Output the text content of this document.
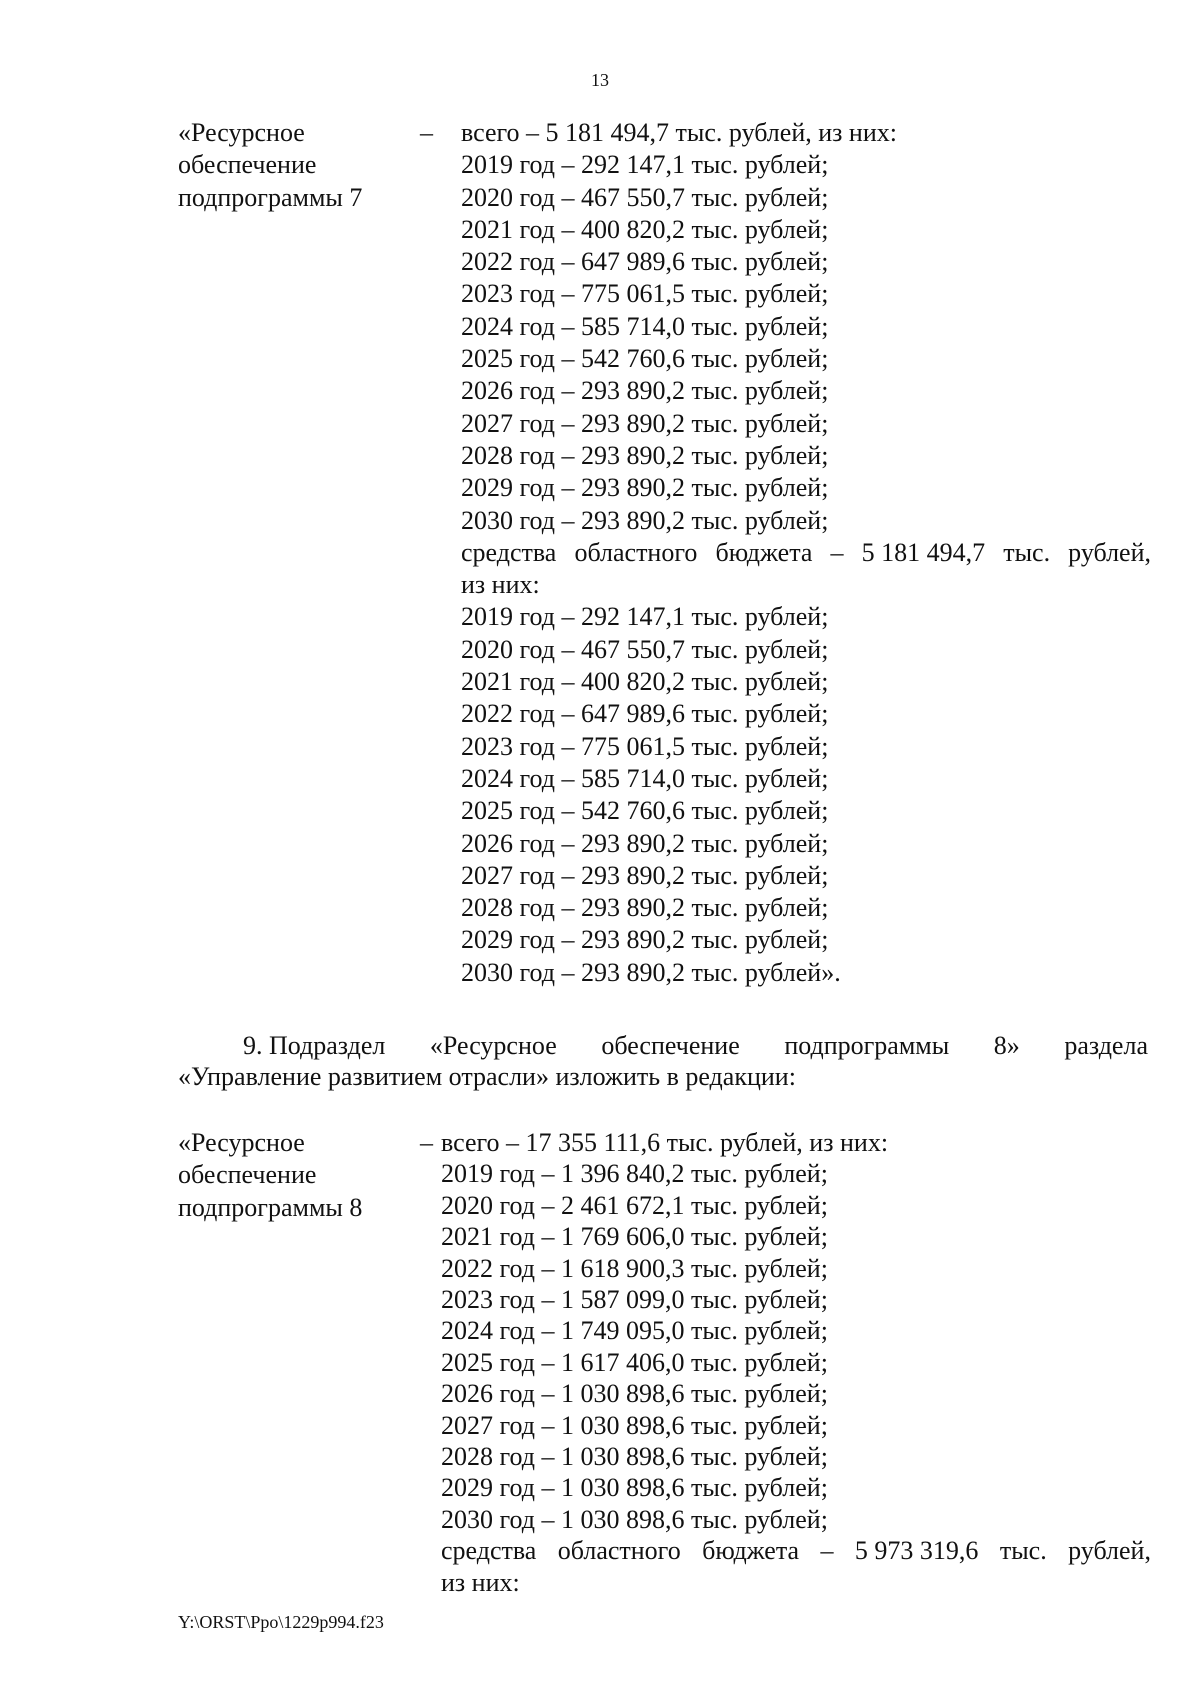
13
«Ресурсное
обеспечение
подпрограммы 7
– всего – 5 181 494,7 тыс. рублей, из них:
2019 год – 292 147,1 тыс. рублей;
2020 год – 467 550,7 тыс. рублей;
2021 год – 400 820,2 тыс. рублей;
2022 год – 647 989,6 тыс. рублей;
2023 год – 775 061,5 тыс. рублей;
2024 год – 585 714,0 тыс. рублей;
2025 год – 542 760,6 тыс. рублей;
2026 год – 293 890,2 тыс. рублей;
2027 год – 293 890,2 тыс. рублей;
2028 год – 293 890,2 тыс. рублей;
2029 год – 293 890,2 тыс. рублей;
2030 год – 293 890,2 тыс. рублей;
средства областного бюджета – 5 181 494,7 тыс. рублей,
из них:
2019 год – 292 147,1 тыс. рублей;
2020 год – 467 550,7 тыс. рублей;
2021 год – 400 820,2 тыс. рублей;
2022 год – 647 989,6 тыс. рублей;
2023 год – 775 061,5 тыс. рублей;
2024 год – 585 714,0 тыс. рублей;
2025 год – 542 760,6 тыс. рублей;
2026 год – 293 890,2 тыс. рублей;
2027 год – 293 890,2 тыс. рублей;
2028 год – 293 890,2 тыс. рублей;
2029 год – 293 890,2 тыс. рублей;
2030 год – 293 890,2 тыс. рублей».
9. Подраздел «Ресурсное обеспечение подпрограммы 8» раздела
«Управление развитием отрасли» изложить в редакции:
«Ресурсное
обеспечение
подпрограммы 8
– всего – 17 355 111,6 тыс. рублей, из них:
2019 год – 1 396 840,2 тыс. рублей;
2020 год – 2 461 672,1 тыс. рублей;
2021 год – 1 769 606,0 тыс. рублей;
2022 год – 1 618 900,3 тыс. рублей;
2023 год – 1 587 099,0 тыс. рублей;
2024 год – 1 749 095,0 тыс. рублей;
2025 год – 1 617 406,0 тыс. рублей;
2026 год – 1 030 898,6 тыс. рублей;
2027 год – 1 030 898,6 тыс. рублей;
2028 год – 1 030 898,6 тыс. рублей;
2029 год – 1 030 898,6 тыс. рублей;
2030 год – 1 030 898,6 тыс. рублей;
средства областного бюджета – 5 973 319,6 тыс. рублей,
из них:
Y:\ORST\Ppo\1229p994.f23
